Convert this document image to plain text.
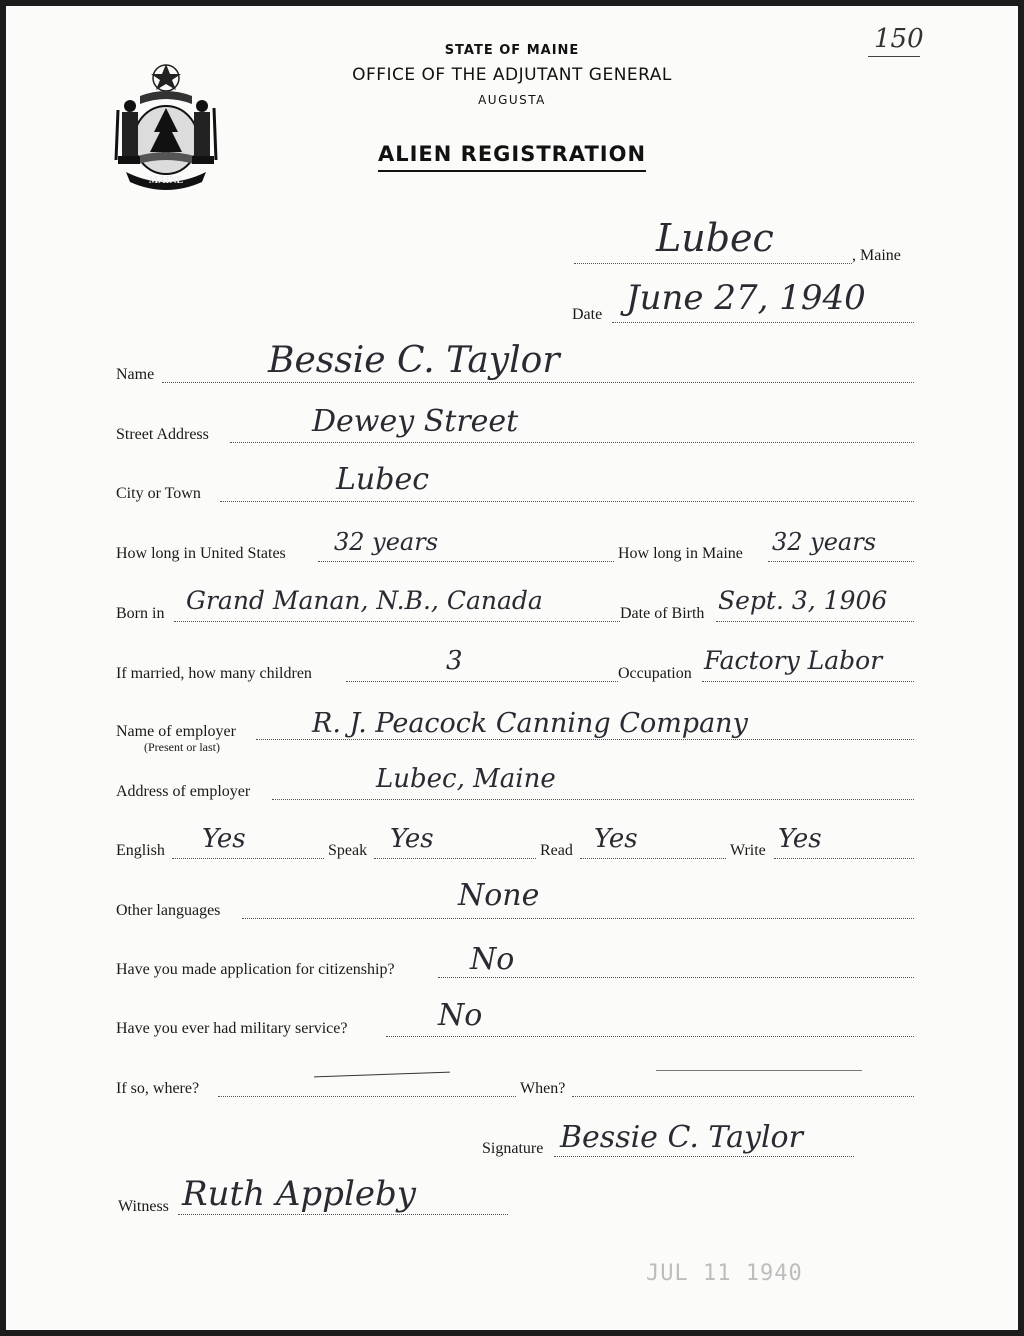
MAINE
STATE OF MAINE
OFFICE OF THE ADJUTANT GENERAL
AUGUSTA
ALIEN REGISTRATION
150
Lubec	, Maine
Date June 27, 1940
Name	Bessie C. Taylor
Street Address	Dewey Street
City or Town	Lubec
How long in United States 32 years	How long in Maine 32 years
Born in Grand Manan, N.B., Canada	Date of Birth Sept. 3, 1906
If married, how many children	3	Occupation Factory Labor
Name of employer
(Present or last)
R. J. Peacock Canning Company
Address of employer	Lubec, Maine
English Yes	Speak Yes	Read Yes	Write Yes
Other languages	None
Have you made application for citizenship?	No
Have you ever had military service?	No
If so, where?	When?
Signature Bessie C. Taylor
Witness Ruth Appleby
JUL 11 1940
